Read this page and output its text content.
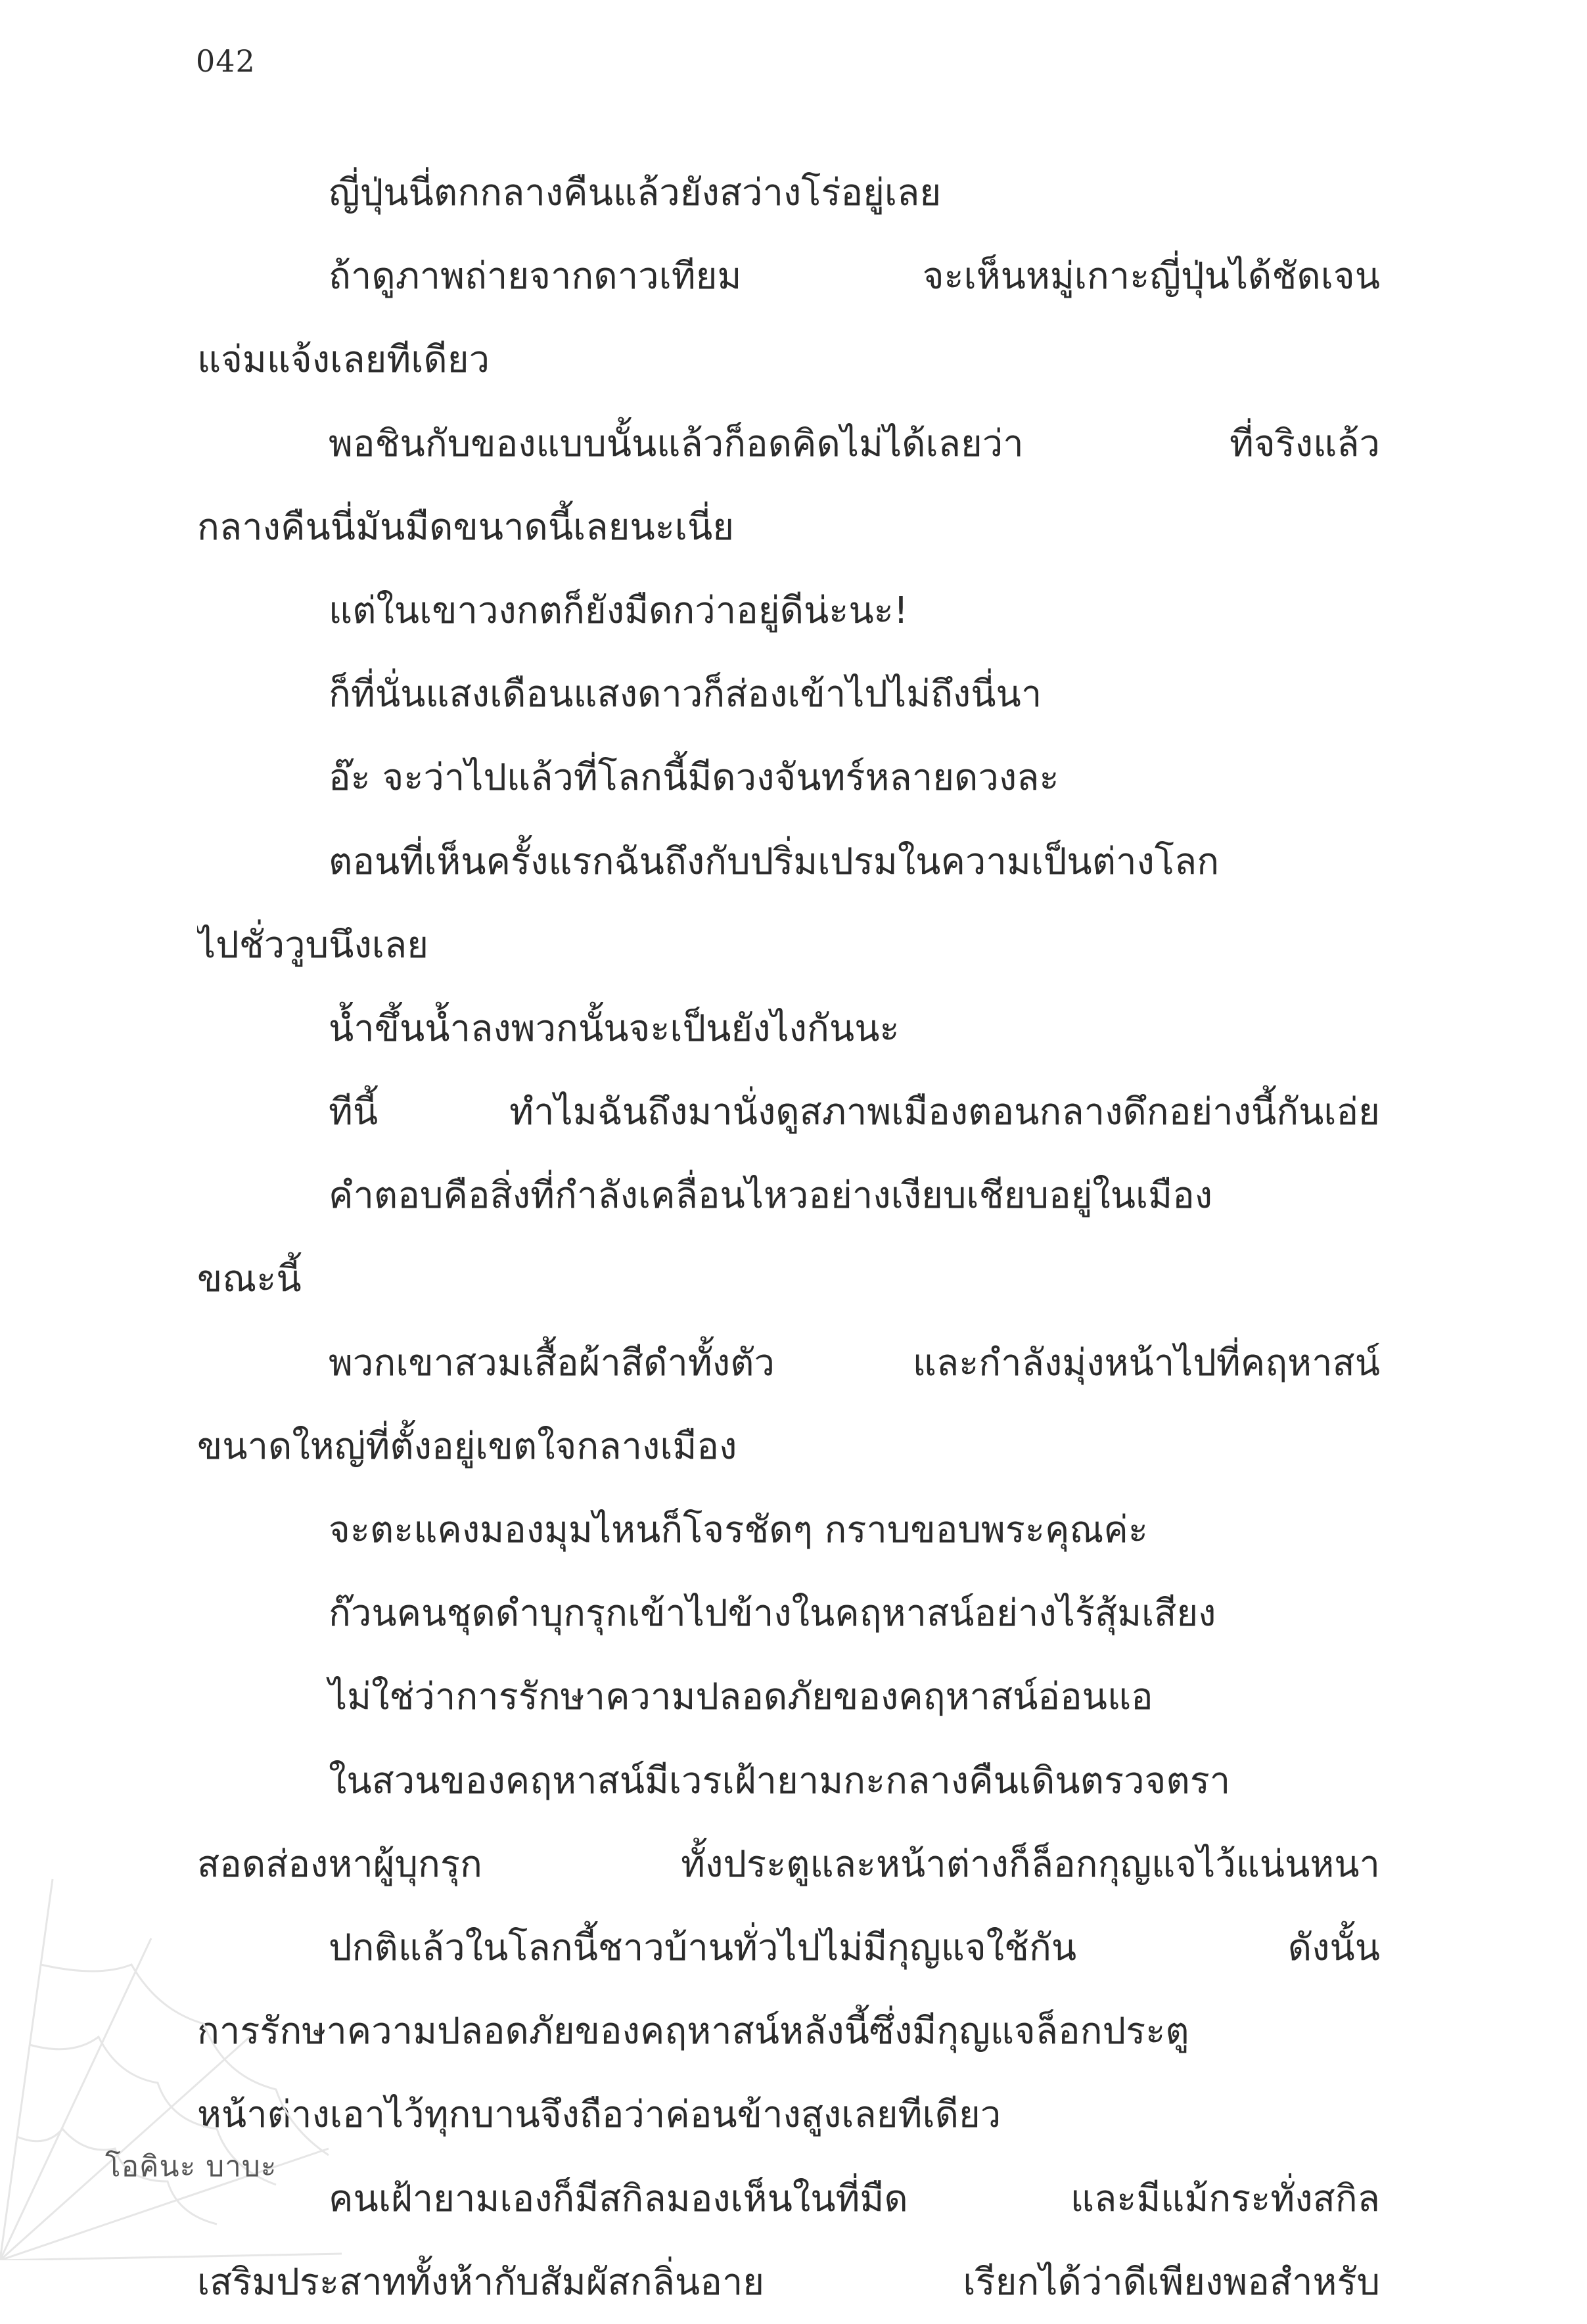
042
ญี่ปุ่นนี่ตกกลางคืนแล้วยังสว่างโร่อยู่เลย
ถ้าดูภาพถ่ายจากดาวเทียม จะเห็นหมู่เกาะญี่ปุ่นได้ชัดเจน
แจ่มแจ้งเลยทีเดียว
พอชินกับของแบบนั้นแล้วก็อดคิดไม่ได้เลยว่า ที่จริงแล้ว
กลางคืนนี่มันมืดขนาดนี้เลยนะเนี่ย
แต่ในเขาวงกตก็ยังมืดกว่าอยู่ดีน่ะนะ!
ก็ที่นั่นแสงเดือนแสงดาวก็ส่องเข้าไปไม่ถึงนี่นา
อ๊ะ จะว่าไปแล้วที่โลกนี้มีดวงจันทร์หลายดวงละ
ตอนที่เห็นครั้งแรกฉันถึงกับปริ่มเปรมในความเป็นต่างโลก
ไปชั่ววูบนึงเลย
น้ำขึ้นน้ำลงพวกนั้นจะเป็นยังไงกันนะ
ทีนี้ ทำไมฉันถึงมานั่งดูสภาพเมืองตอนกลางดึกอย่างนี้กันเอ่ย
คำตอบคือสิ่งที่กำลังเคลื่อนไหวอย่างเงียบเชียบอยู่ในเมือง
ขณะนี้
พวกเขาสวมเสื้อผ้าสีดำทั้งตัว และกำลังมุ่งหน้าไปที่คฤหาสน์
ขนาดใหญ่ที่ตั้งอยู่เขตใจกลางเมือง
จะตะแคงมองมุมไหนก็โจรชัดๆ กราบขอบพระคุณค่ะ
ก๊วนคนชุดดำบุกรุกเข้าไปข้างในคฤหาสน์อย่างไร้สุ้มเสียง
ไม่ใช่ว่าการรักษาความปลอดภัยของคฤหาสน์อ่อนแอ
ในสวนของคฤหาสน์มีเวรเฝ้ายามกะกลางคืนเดินตรวจตรา
สอดส่องหาผู้บุกรุก ทั้งประตูและหน้าต่างก็ล็อกกุญแจไว้แน่นหนา
ปกติแล้วในโลกนี้ชาวบ้านทั่วไปไม่มีกุญแจใช้กัน ดังนั้น
การรักษาความปลอดภัยของคฤหาสน์หลังนี้ซึ่งมีกุญแจล็อกประตู
หน้าต่างเอาไว้ทุกบานจึงถือว่าค่อนข้างสูงเลยทีเดียว
คนเฝ้ายามเองก็มีสกิลมองเห็นในที่มืด และมีแม้กระทั่งสกิล
เสริมประสาททั้งห้ากับสัมผัสกลิ่นอาย เรียกได้ว่าดีเพียงพอสำหรับ
โอคินะ บาบะ
